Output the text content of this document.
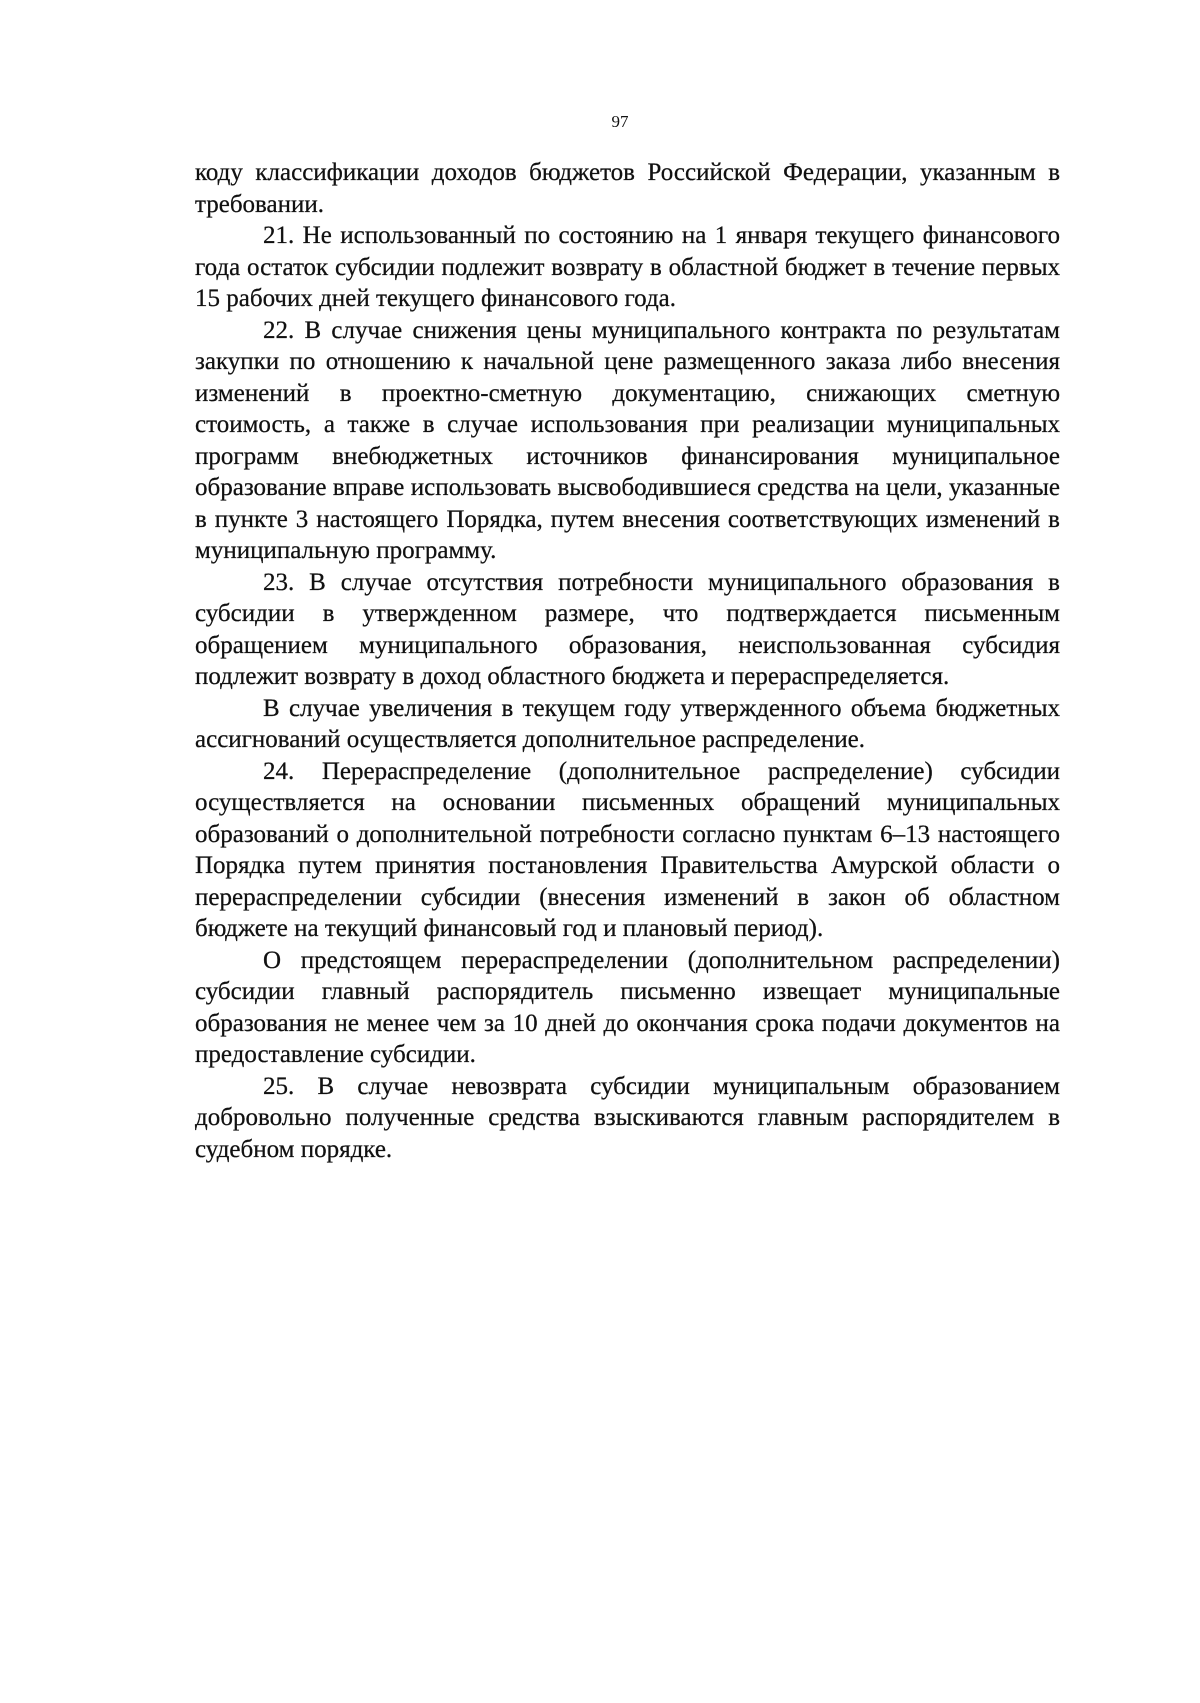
97

коду классификации доходов бюджетов Российской Федерации, указанным в требовании.

21. Не использованный по состоянию на 1 января текущего финансового года остаток субсидии подлежит возврату в областной бюджет в течение первых 15 рабочих дней текущего финансового года.

22. В случае снижения цены муниципального контракта по результатам закупки по отношению к начальной цене размещенного заказа либо внесения изменений в проектно-сметную документацию, снижающих сметную стоимость, а также в случае использования при реализации муниципальных программ внебюджетных источников финансирования муниципальное образование вправе использовать высвободившиеся средства на цели, указанные в пункте 3 настоящего Порядка, путем внесения соответствующих изменений в муниципальную программу.

23. В случае отсутствия потребности муниципального образования в субсидии в утвержденном размере, что подтверждается письменным обращением муниципального образования, неиспользованная субсидия подлежит возврату в доход областного бюджета и перераспределяется.

В случае увеличения в текущем году утвержденного объема бюджетных ассигнований осуществляется дополнительное распределение.

24. Перераспределение (дополнительное распределение) субсидии осуществляется на основании письменных обращений муниципальных образований о дополнительной потребности согласно пунктам 6–13 настоящего Порядка путем принятия постановления Правительства Амурской области о перераспределении субсидии (внесения изменений в закон об областном бюджете на текущий финансовый год и плановый период).

О предстоящем перераспределении (дополнительном распределении) субсидии главный распорядитель письменно извещает муниципальные образования не менее чем за 10 дней до окончания срока подачи документов на предоставление субсидии.

25. В случае невозврата субсидии муниципальным образованием добровольно полученные средства взыскиваются главным распорядителем в судебном порядке.
